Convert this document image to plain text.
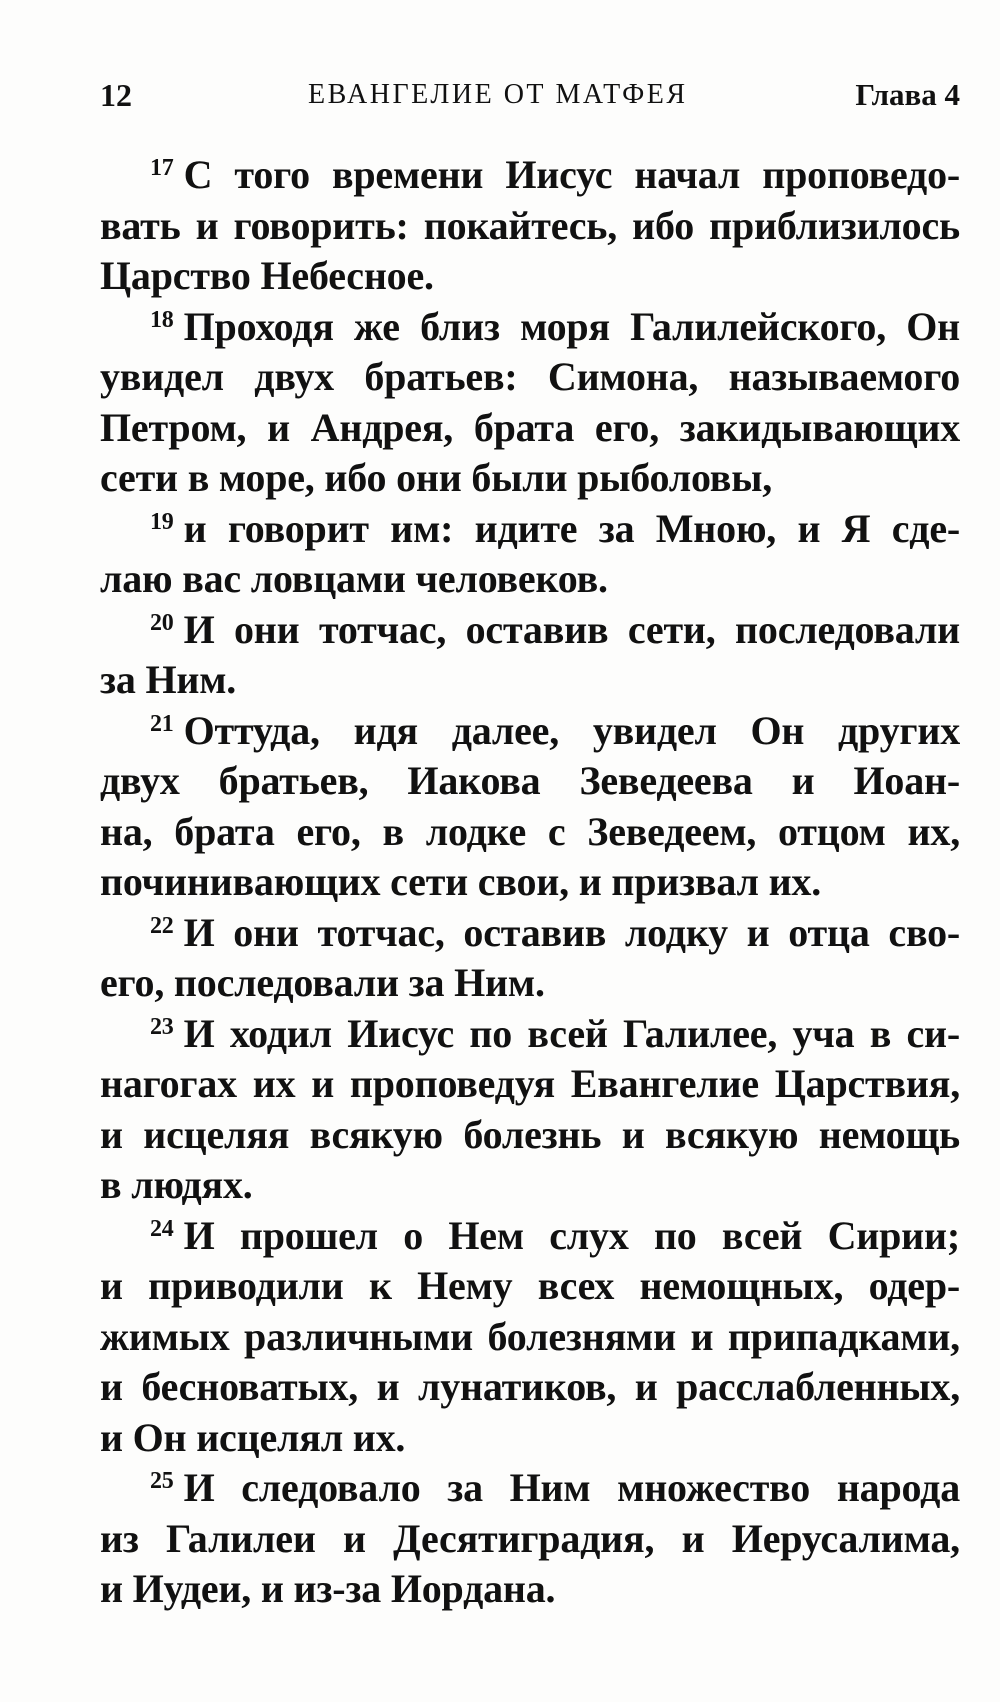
12	ЕВАНГЕЛИЕ ОТ МАТФЕЯ	Глава 4
$^{17}$ С того времени Иисус начал проповедо-
вать и говорить: покайтесь, ибо приблизилось
Царство Небесное.
$^{18}$ Проходя же близ моря Галилейского, Он
увидел двух братьев: Симона, называемого
Петром, и Андрея, брата его, закидывающих
сети в море, ибо они были рыболовы,
$^{19}$ и говорит им: идите за Мною, и Я сде-
лаю вас ловцами человеков.
$^{20}$ И они тотчас, оставив сети, последовали
за Ним.
$^{21}$ Оттуда, идя далее, увидел Он других
двух братьев, Иакова Зеведеева и Иоан-
на, брата его, в лодке с Зеведеем, отцом их,
починивающих сети свои, и призвал их.
$^{22}$ И они тотчас, оставив лодку и отца сво-
его, последовали за Ним.
$^{23}$ И ходил Иисус по всей Галилее, уча в си-
нагогах их и проповедуя Евангелие Царствия,
и исцеляя всякую болезнь и всякую немощь
в людях.
$^{24}$ И прошел о Нем слух по всей Сирии;
и приводили к Нему всех немощных, одер-
жимых различными болезнями и припадками,
и бесноватых, и лунатиков, и расслабленных,
и Он исцелял их.
$^{25}$ И следовало за Ним множество народа
из Галилеи и Десятиградия, и Иерусалима,
и Иудеи, и из-за Иордана.
